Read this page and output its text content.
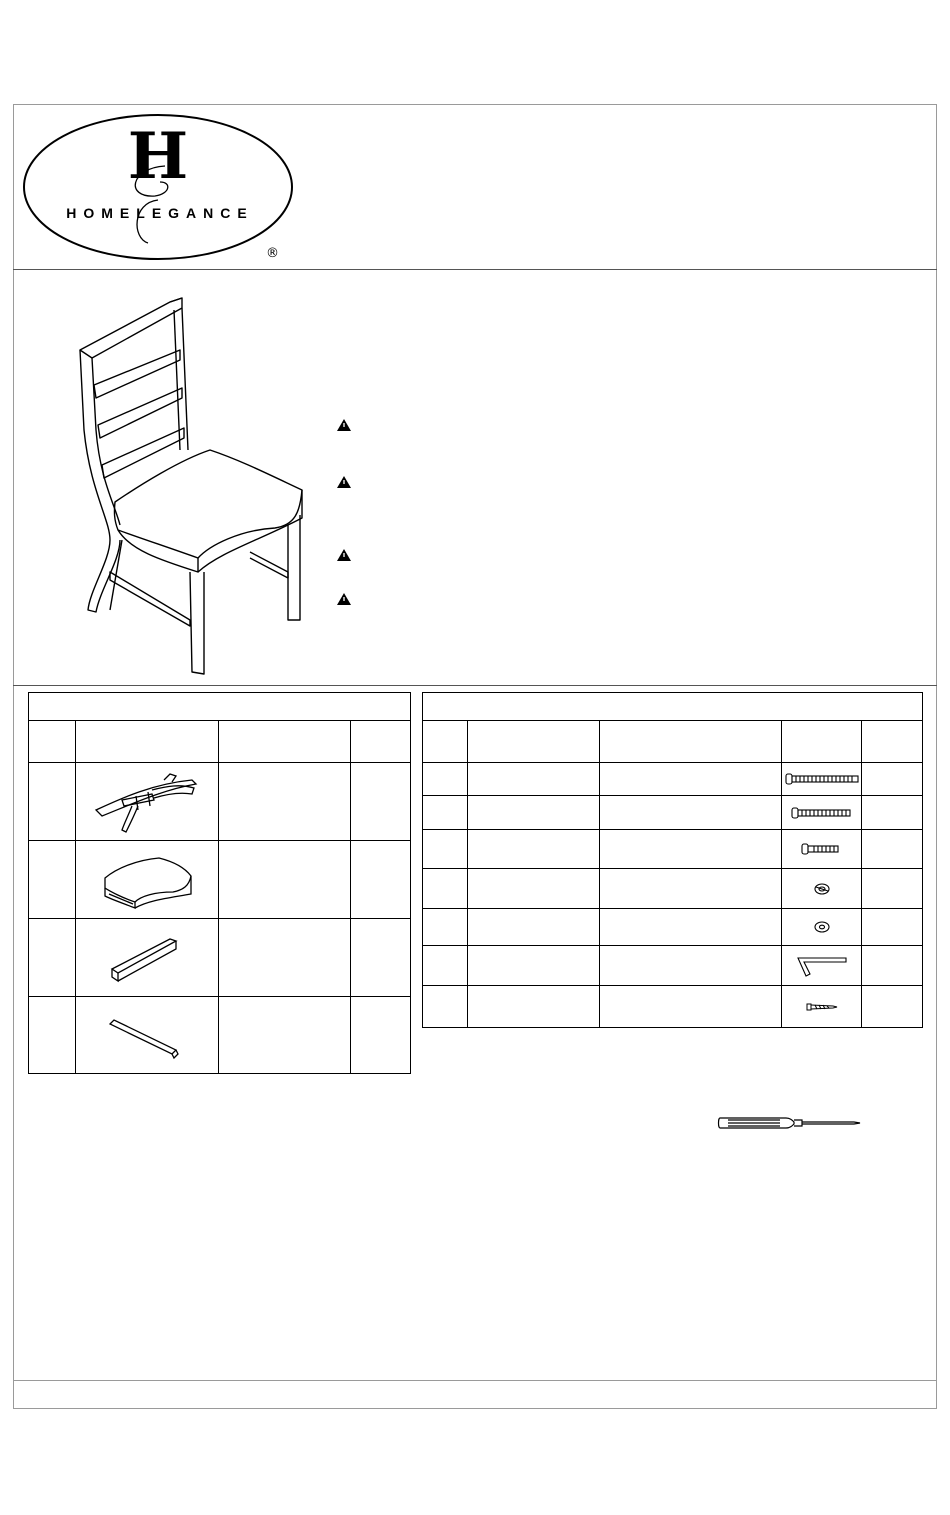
H
HOMELEGANCE
®
